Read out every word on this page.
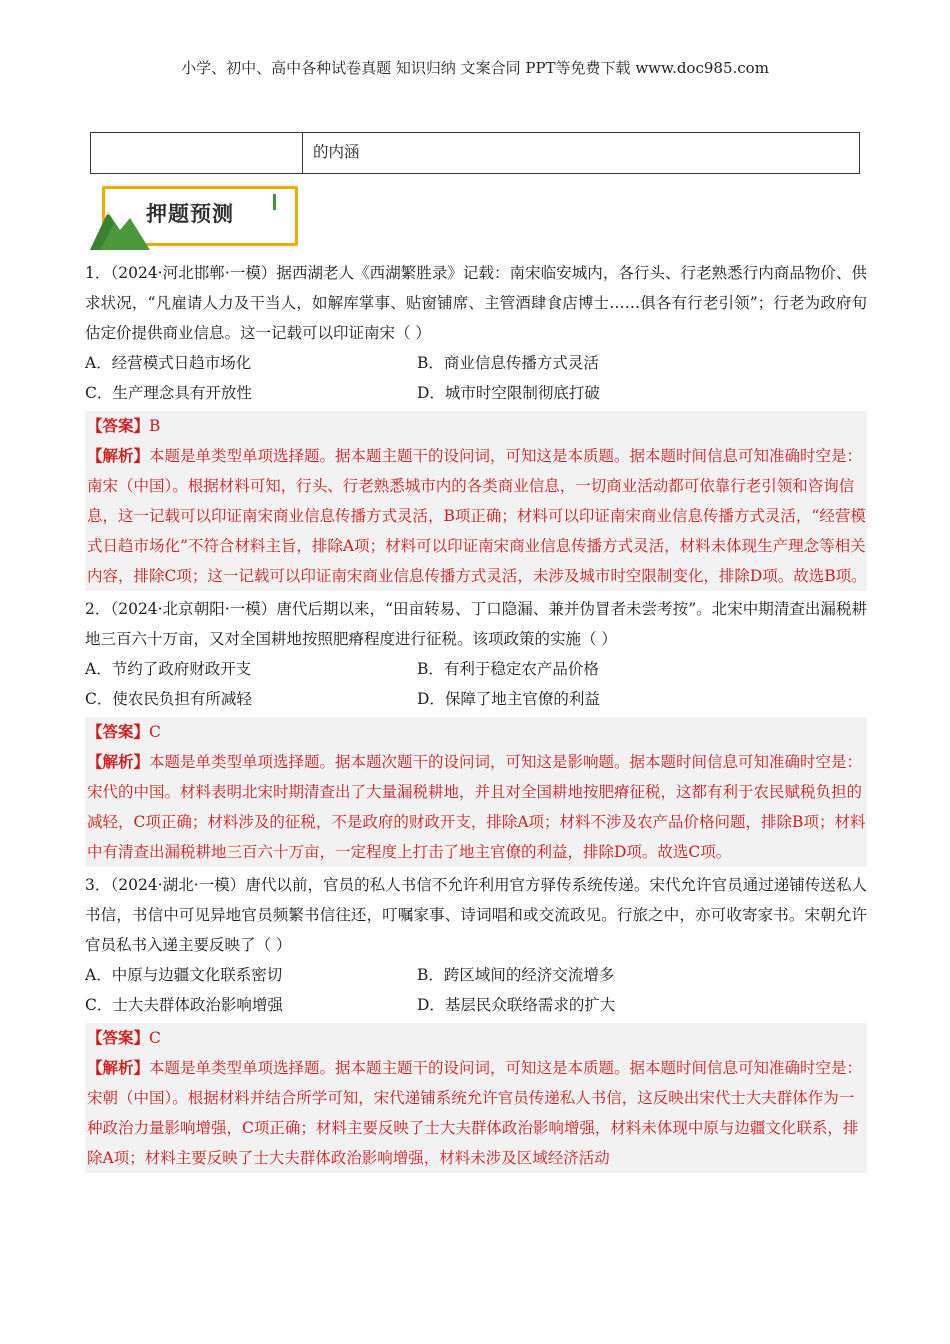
小学、初中、高中各种试卷真题 知识归纳 文案合同 PPT等免费下载 www.doc985.com
的内涵
押题预测

1．（2024·河北邯郸·一模）据西湖老人《西湖繁胜录》记载：南宋临安城内，各行头、行老熟悉行内商品物价、供求状况，“凡雇请人力及干当人，如解库掌事、贴窗铺席、主管酒肆食店博士……俱各有行老引领”；行老为政府旬估定价提供商业信息。这一记载可以印证南宋（ ）

A．经营模式日趋市场化	B．商业信息传播方式灵活
C．生产理念具有开放性	D．城市时空限制彻底打破

【答案】B

【解析】本题是单类型单项选择题。据本题主题干的设问词，可知这是本质题。据本题时间信息可知准确时空是：南宋（中国）。根据材料可知，行头、行老熟悉城市内的各类商业信息，一切商业活动都可依靠行老引领和咨询信息，这一记载可以印证南宋商业信息传播方式灵活，B项正确；材料可以印证南宋商业信息传播方式灵活，“经营模式日趋市场化”不符合材料主旨，排除A项；材料可以印证南宋商业信息传播方式灵活，材料未体现生产理念等相关内容，排除C项；这一记载可以印证南宋商业信息传播方式灵活，未涉及城市时空限制变化，排除D项。故选B项。

2．（2024·北京朝阳·一模）唐代后期以来，“田亩转易、丁口隐漏、兼并伪冒者未尝考按”。北宋中期清查出漏税耕地三百六十万亩，又对全国耕地按照肥瘠程度进行征税。该项政策的实施（ ）

A．节约了政府财政开支	B．有利于稳定农产品价格
C．使农民负担有所减轻	D．保障了地主官僚的利益

【答案】C

【解析】本题是单类型单项选择题。据本题次题干的设问词，可知这是影响题。据本题时间信息可知准确时空是：宋代的中国。材料表明北宋时期清查出了大量漏税耕地，并且对全国耕地按肥瘠征税，这都有利于农民赋税负担的减轻，C项正确；材料涉及的征税，不是政府的财政开支，排除A项；材料不涉及农产品价格问题，排除B项；材料中有清查出漏税耕地三百六十万亩，一定程度上打击了地主官僚的利益，排除D项。故选C项。

3．（2024·湖北·一模）唐代以前，官员的私人书信不允许利用官方驿传系统传递。宋代允许官员通过递铺传送私人书信，书信中可见异地官员频繁书信往还，叮嘱家事、诗词唱和或交流政见。行旅之中，亦可收寄家书。宋朝允许官员私书入递主要反映了（ ）

A．中原与边疆文化联系密切	B．跨区域间的经济交流增多
C．士大夫群体政治影响增强	D．基层民众联络需求的扩大

【答案】C

【解析】本题是单类型单项选择题。据本题主题干的设问词，可知这是本质题。据本题时间信息可知准确时空是：宋朝（中国）。根据材料并结合所学可知，宋代递铺系统允许官员传递私人书信，这反映出宋代士大夫群体作为一种政治力量影响增强，C项正确；材料主要反映了士大夫群体政治影响增强，材料未体现中原与边疆文化联系，排除A项；材料主要反映了士大夫群体政治影响增强，材料未涉及区域经济活动
